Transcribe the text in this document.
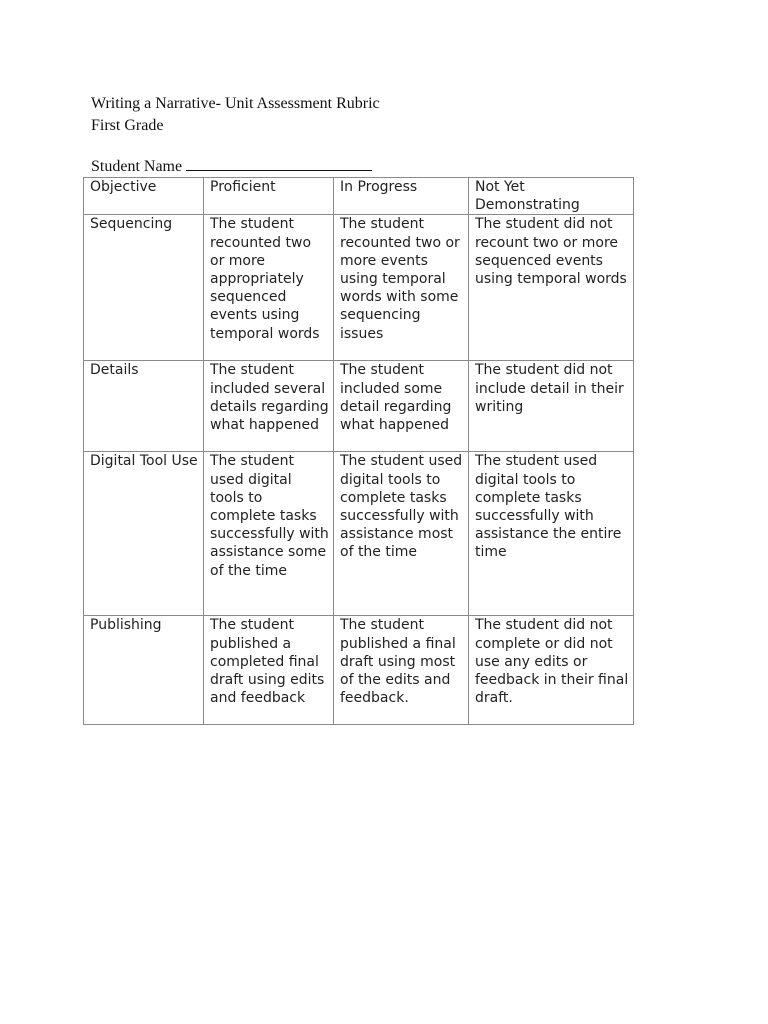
Writing a Narrative- Unit Assessment Rubric
First Grade
Student Name
Objective	Proficient	In Progress	Not Yet Demonstrating

Sequencing	The student recounted two or more appropriately sequenced events using temporal words	The student recounted two or more events using temporal words with some sequencing issues	The student did not recount two or more sequenced events using temporal words

Details	The student included several details regarding what happened	The student included some detail regarding what happened	The student did not include detail in their writing

Digital Tool Use	The student used digital tools to complete tasks successfully with assistance some of the time	The student used digital tools to complete tasks successfully with assistance most of the time	The student used digital tools to complete tasks successfully with assistance the entire time

Publishing	The student published a completed final draft using edits and feedback	The student published a final draft using most of the edits and feedback.	The student did not complete or did not use any edits or feedback in their final draft.
